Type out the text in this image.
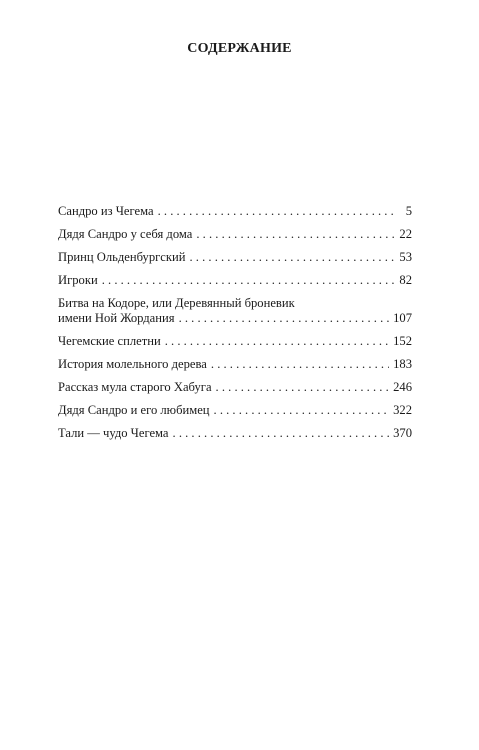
СОДЕРЖАНИЕ
Сандро из Чегема . . .	5
Дядя Сандро у себя дома . . .	22
Принц Ольденбургский . . .	53
Игроки . . .	82
Битва на Кодоре, или Деревянный броневик
имени Ной Жордания . . .	107
Чегемские сплетни . . .	152
История молельного дерева . . .	183
Рассказ мула старого Хабуга . . .	246
Дядя Сандро и его любимец . . .	322
Тали — чудо Чегема . . .	370
